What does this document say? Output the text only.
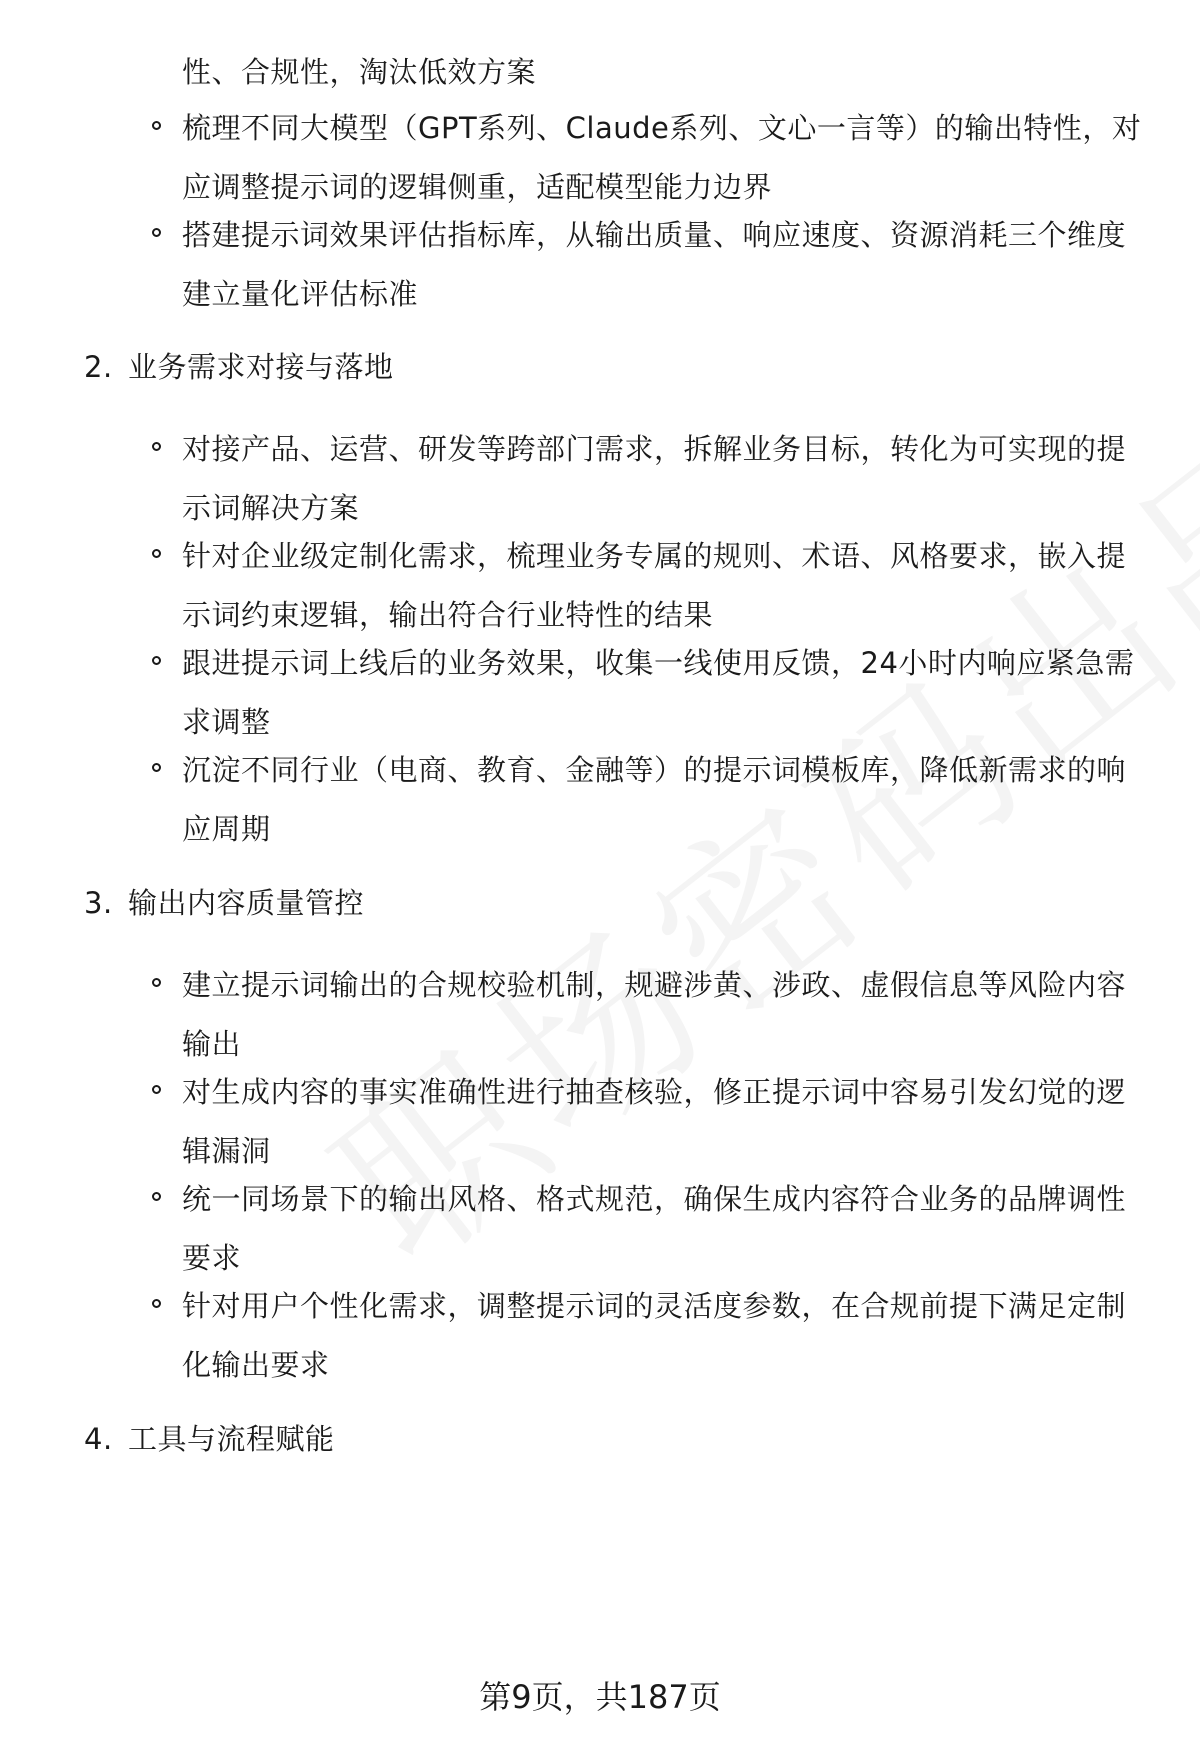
性、合规性，淘汰低效方案
梳理不同大模型（GPT系列、Claude系列、文心一言等）的输出特性，对应调整提示词的逻辑侧重，适配模型能力边界
搭建提示词效果评估指标库，从输出质量、响应速度、资源消耗三个维度建立量化评估标准
2. 业务需求对接与落地
对接产品、运营、研发等跨部门需求，拆解业务目标，转化为可实现的提示词解决方案
针对企业级定制化需求，梳理业务专属的规则、术语、风格要求，嵌入提示词约束逻辑，输出符合行业特性的结果
跟进提示词上线后的业务效果，收集一线使用反馈，24小时内响应紧急需求调整
沉淀不同行业（电商、教育、金融等）的提示词模板库，降低新需求的响应周期
3. 输出内容质量管控
建立提示词输出的合规校验机制，规避涉黄、涉政、虚假信息等风险内容输出
对生成内容的事实准确性进行抽查核验，修正提示词中容易引发幻觉的逻辑漏洞
统一同场景下的输出风格、格式规范，确保生成内容符合业务的品牌调性要求
针对用户个性化需求，调整提示词的灵活度参数，在合规前提下满足定制化输出要求
4. 工具与流程赋能
第9页，共187页
